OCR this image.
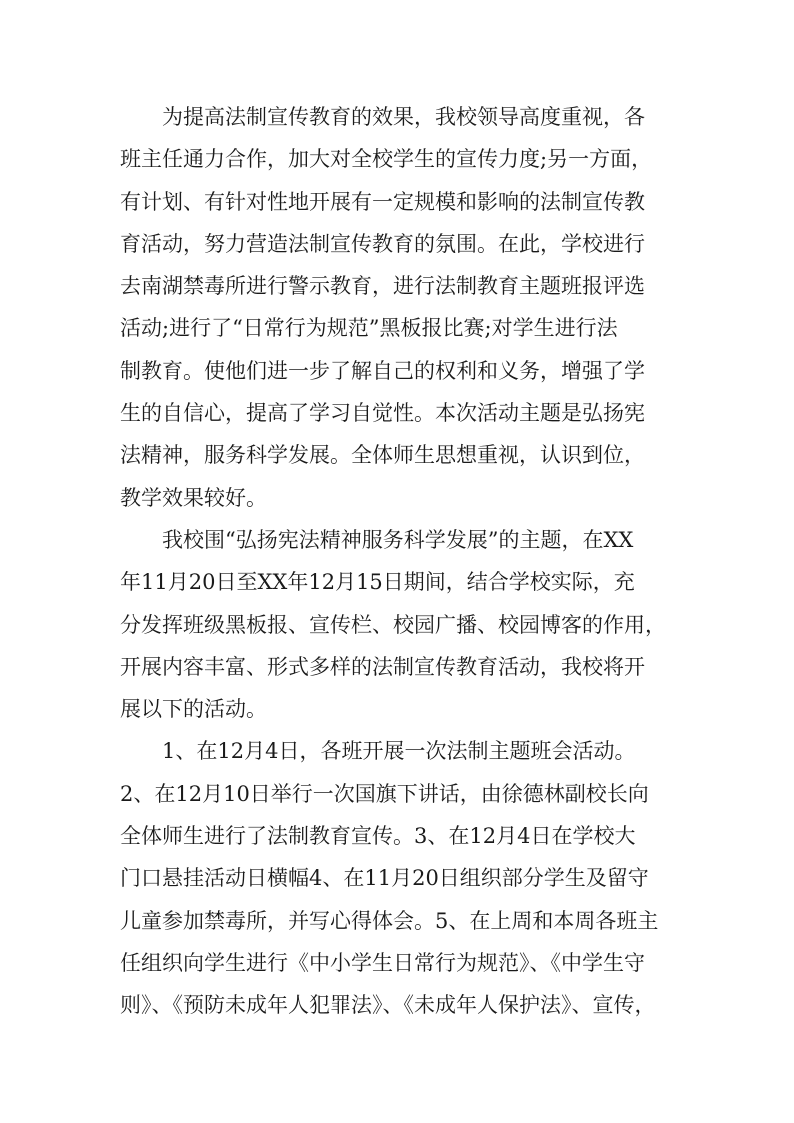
为提高法制宣传教育的效果，我校领导高度重视，各
班主任通力合作，加大对全校学生的宣传力度;另一方面，
有计划、有针对性地开展有一定规模和影响的法制宣传教
育活动，努力营造法制宣传教育的氛围。在此，学校进行
去南湖禁毒所进行警示教育，进行法制教育主题班报评选
活动;进行了“日常行为规范”黑板报比赛;对学生进行法
制教育。使他们进一步了解自己的权利和义务，增强了学
生的自信心，提高了学习自觉性。本次活动主题是弘扬宪
法精神，服务科学发展。全体师生思想重视，认识到位，
教学效果较好。

我校围“弘扬宪法精神服务科学发展”的主题，在XX
年11月20日至XX年12月15日期间，结合学校实际，充
分发挥班级黑板报、宣传栏、校园广播、校园博客的作用，
开展内容丰富、形式多样的法制宣传教育活动，我校将开
展以下的活动。

1、在12月4日，各班开展一次法制主题班会活动。
2、在12月10日举行一次国旗下讲话，由徐德林副校长向
全体师生进行了法制教育宣传。3、在12月4日在学校大
门口悬挂活动日横幅4、在11月20日组织部分学生及留守
儿童参加禁毒所，并写心得体会。5、在上周和本周各班主
任组织向学生进行《中小学生日常行为规范》、《中学生守
则》、《预防未成年人犯罪法》、《未成年人保护法》、宣传，
